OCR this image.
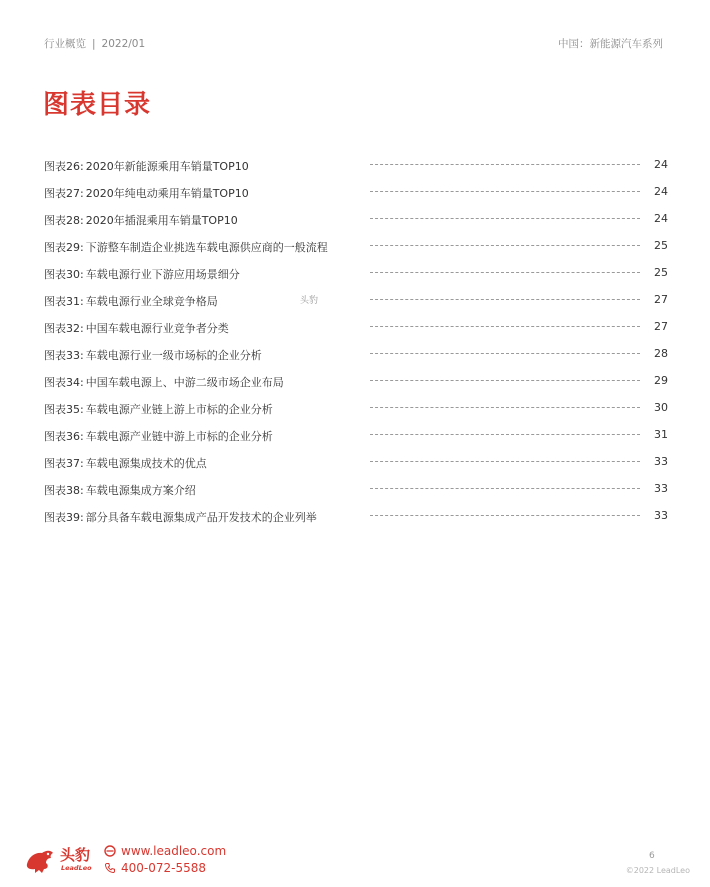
行业概览 | 2022/01	中国：新能源汽车系列
图表目录
图表26: 2020年新能源乘用车销量TOP10	24
图表27: 2020年纯电动乘用车销量TOP10	24
图表28: 2020年插混乘用车销量TOP10	24
图表29: 下游整车制造企业挑选车载电源供应商的一般流程	25
图表30: 车载电源行业下游应用场景细分	25
图表31: 车载电源行业全球竞争格局	27
图表32: 中国车载电源行业竞争者分类	27
图表33: 车载电源行业一级市场标的企业分析	28
图表34: 中国车载电源上、中游二级市场企业布局	29
图表35: 车载电源产业链上游上市标的企业分析	30
图表36: 车载电源产业链中游上市标的企业分析	31
图表37: 车载电源集成技术的优点	33
图表38: 车载电源集成方案介绍	33
图表39: 部分具备车载电源集成产品开发技术的企业列举	33
头豹
头豹
LeadLeo
www.leadleo.com
400-072-5588
6
©2022 LeadLeo
